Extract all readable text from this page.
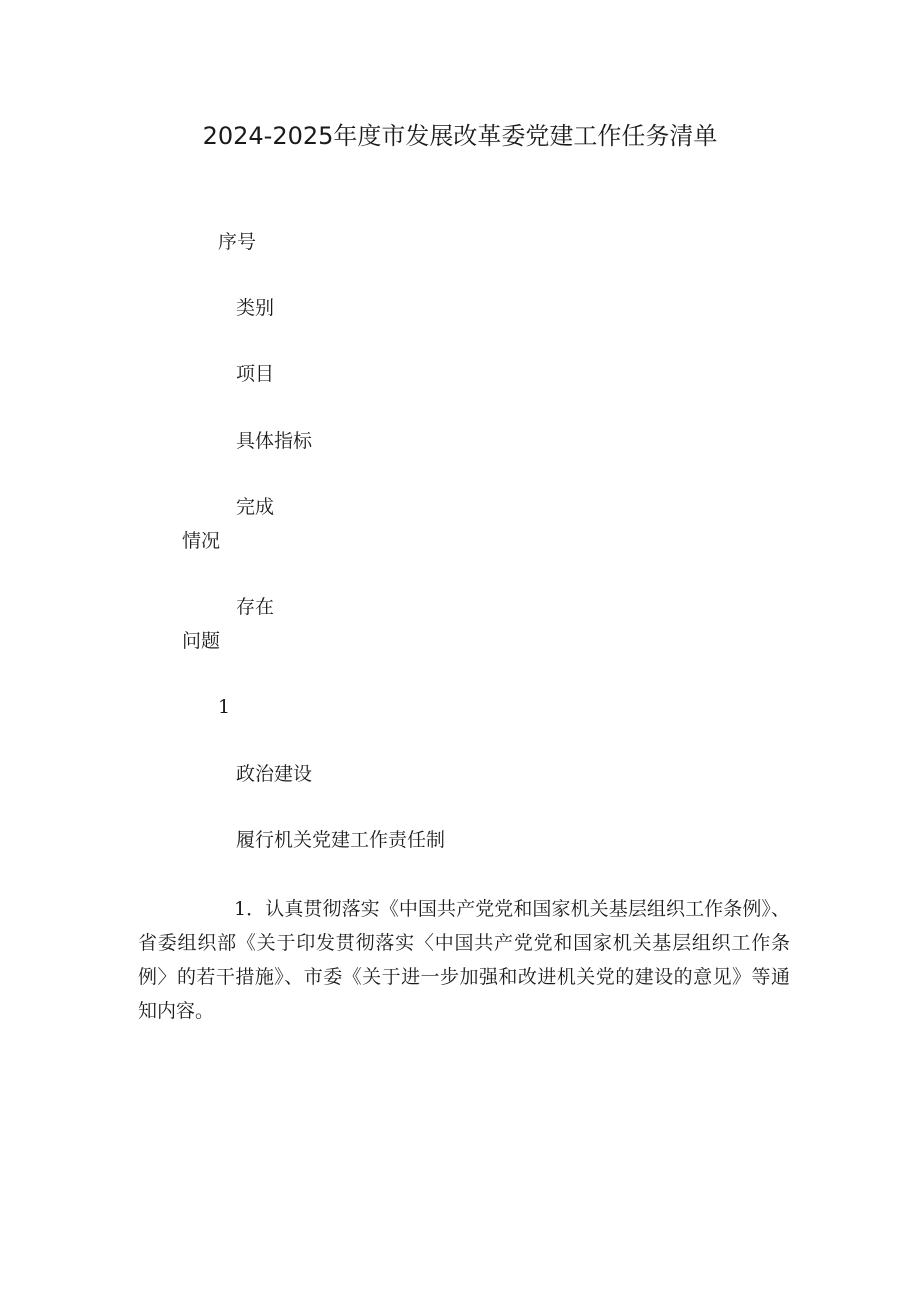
2024-2025年度市发展改革委党建工作任务清单
序号
类别
项目
具体指标
完成
情况
存在
问题
1
政治建设
履行机关党建工作责任制

1．认真贯彻落实《中国共产党党和国家机关基层组织工作条例》、省委组织部《关于印发贯彻落实〈中国共产党党和国家机关基层组织工作条例〉的若干措施》、市委《关于进一步加强和改进机关党的建设的意见》等通知内容。
